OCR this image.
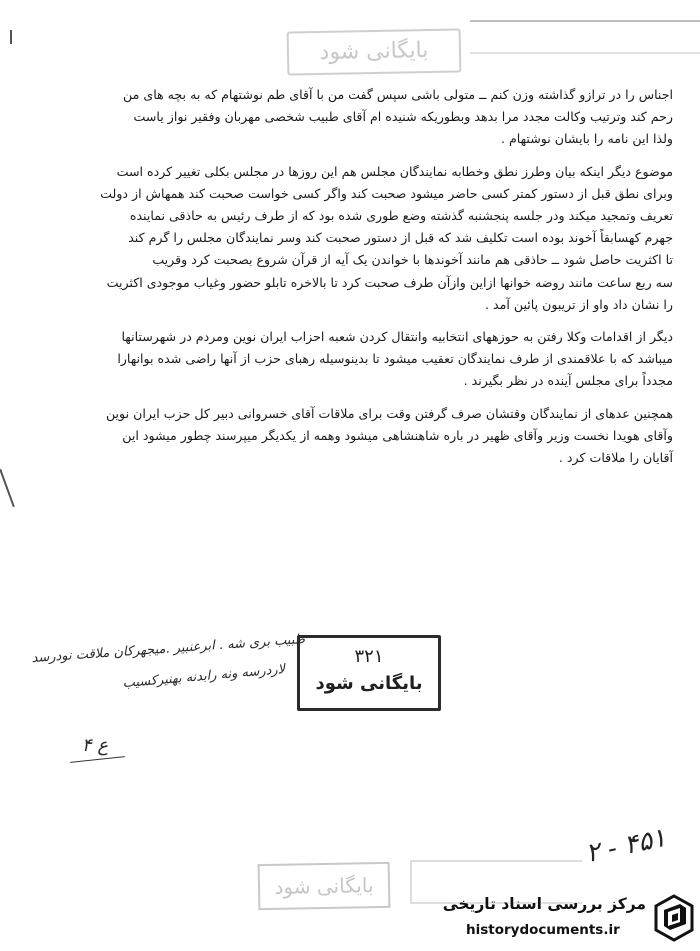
بایگانی شود
اجناس را در ترازو گذاشته وزن کنم ــ متولی باشی سپس گفت من با آقای طم نوشتهام که به بچه های من
رحم کند وترتیب وکالت مجدد مرا بدهد وبطوریکه شنیده ام آقای طبیب شخصی مهربان وفقیر نواز یاست
ولذا این نامه را بایشان نوشتهام .
موضوع دیگر اینکه بیان وطرز نطق وخطابه نمایندگان مجلس هم این روزها در مجلس بکلی تغییر کرده است
وبرای نطق قبل از دستور کمتر کسی حاضر میشود صحبت کند واگر کسی خواست صحبت کند همهاش از دولت
تعریف وتمجید میکند ودر جلسه پنجشنبه گذشته وضع طوری شده بود که از طرف رئیس به حاذقی نماینده
جهرم کهسابقاً آخوند بوده است تکلیف شد که قبل از دستور صحبت کند وسر نمایندگان مجلس را گرم کند
تا اکثریت حاصل شود ــ حاذقی هم مانند آخوندها با خواندن یک آیه از قرآن شروع بصحبت کرد وقریب
سه ربع ساعت مانند روضه خوانها ازاین وازآن طرف صحبت کرد تا بالاخره تابلو حضور وغیاب موجودی اکثریت
را نشان داد واو از تریبون پائین آمد .
دیگر از اقدامات وکلا رفتن به حوزههای انتخابیه وانتقال کردن شعبه احزاب ایران نوین ومردم در شهرستانها
میباشد که با علاقمندی از طرف نمایندگان تعقیب میشود تا بدینوسیله رهبای حزب از آنها راضی شده بوانهارا
مجدداً برای مجلس آینده در نظر بگیرند .
همچنین عدهای از نمایندگان وقتشان صرف گرفتن وقت برای ملاقات آقای خسروانی دبیر کل حزب ایران نوین
وآقای هویدا نخست وزیر وآقای ظهیر در باره شاهنشاهی میشود وهمه از یکدیگر میپرسند چطور میشود این
آقایان را ملاقات کرد .
طبیب بری شه . ابرعنبیر .میجهرکان ملاقت نودرسد
لاردرسه ونه رابدنه بهنیرکسیب
۴ ع
۳۲۱
بایگانی شود
۲ - ۴۵۱
بایگانی شود
مرکز بررسی اسناد تاریخی
historydocuments.ir
